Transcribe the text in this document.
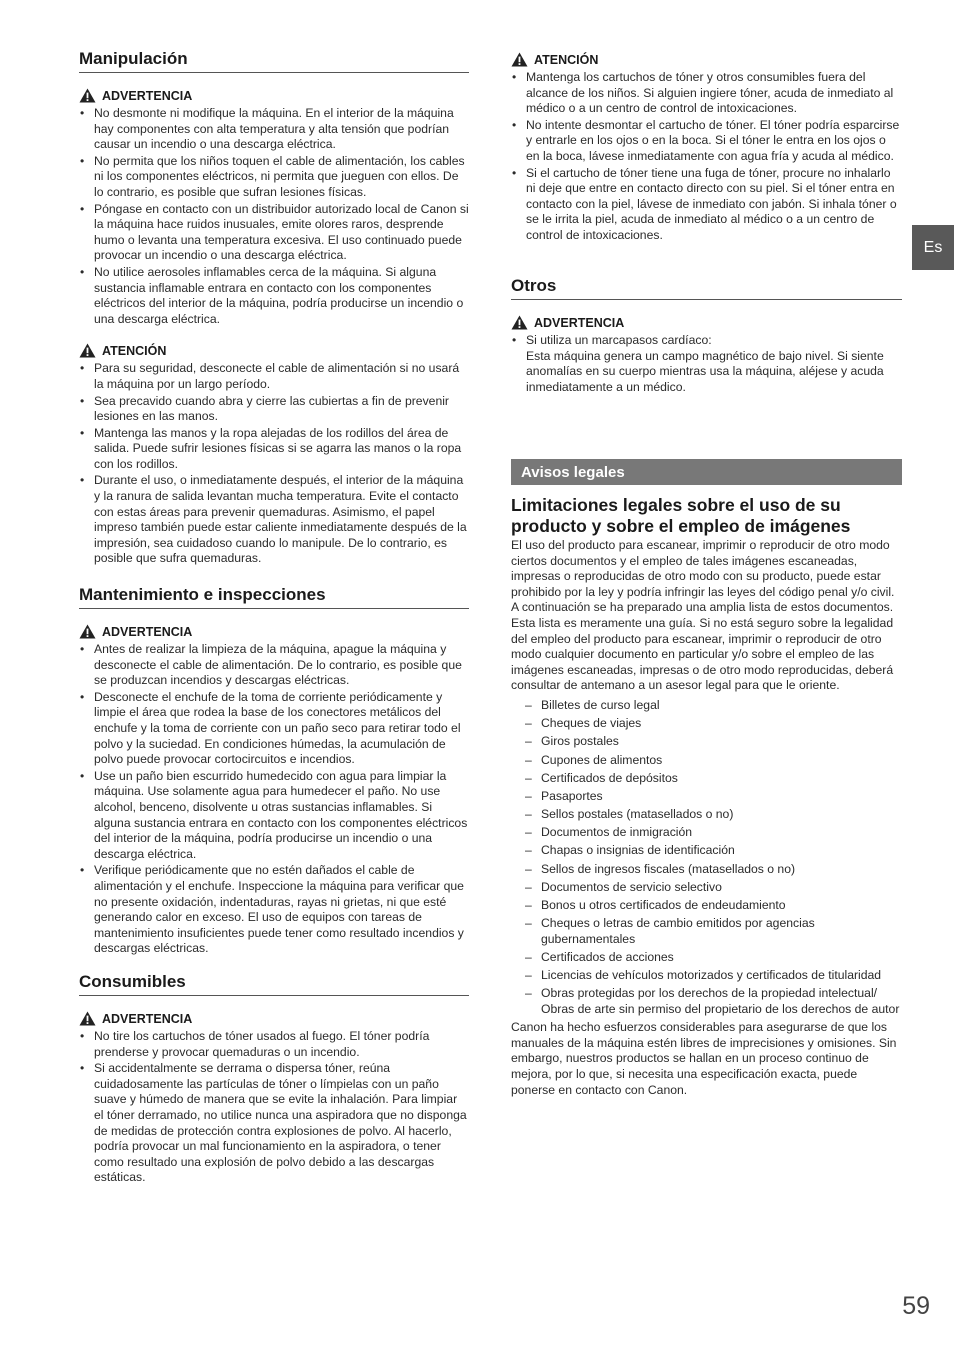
Manipulación
ADVERTENCIA
• No desmonte ni modifique la máquina. En el interior de la máquina hay componentes con alta temperatura y alta tensión que podrían causar un incendio o una descarga eléctrica.
• No permita que los niños toquen el cable de alimentación, los cables ni los componentes eléctricos, ni permita que jueguen con ellos. De lo contrario, es posible que sufran lesiones físicas.
• Póngase en contacto con un distribuidor autorizado local de Canon si la máquina hace ruidos inusuales, emite olores raros, desprende humo o levanta una temperatura excesiva. El uso continuado puede provocar un incendio o una descarga eléctrica.
• No utilice aerosoles inflamables cerca de la máquina. Si alguna sustancia inflamable entrara en contacto con los componentes eléctricos del interior de la máquina, podría producirse un incendio o una descarga eléctrica.
ATENCIÓN
• Para su seguridad, desconecte el cable de alimentación si no usará la máquina por un largo período.
• Sea precavido cuando abra y cierre las cubiertas a fin de prevenir lesiones en las manos.
• Mantenga las manos y la ropa alejadas de los rodillos del área de salida. Puede sufrir lesiones físicas si se agarra las manos o la ropa con los rodillos.
• Durante el uso, o inmediatamente después, el interior de la máquina y la ranura de salida levantan mucha temperatura. Evite el contacto con estas áreas para prevenir quemaduras. Asimismo, el papel impreso también puede estar caliente inmediatamente después de la impresión, sea cuidadoso cuando lo manipule. De lo contrario, es posible que sufra quemaduras.
Mantenimiento e inspecciones
ADVERTENCIA
• Antes de realizar la limpieza de la máquina, apague la máquina y desconecte el cable de alimentación. De lo contrario, es posible que se produzcan incendios y descargas eléctricas.
• Desconecte el enchufe de la toma de corriente periódicamente y limpie el área que rodea la base de los conectores metálicos del enchufe y la toma de corriente con un paño seco para retirar todo el polvo y la suciedad. En condiciones húmedas, la acumulación de polvo puede provocar cortocircuitos e incendios.
• Use un paño bien escurrido humedecido con agua para limpiar la máquina. Use solamente agua para humedecer el paño. No use alcohol, benceno, disolvente u otras sustancias inflamables. Si alguna sustancia entrara en contacto con los componentes eléctricos del interior de la máquina, podría producirse un incendio o una descarga eléctrica.
• Verifique periódicamente que no estén dañados el cable de alimentación y el enchufe. Inspeccione la máquina para verificar que no presente oxidación, indentaduras, rayas ni grietas, ni que esté generando calor en exceso. El uso de equipos con tareas de mantenimiento insuficientes puede tener como resultado incendios y descargas eléctricas.
Consumibles
ADVERTENCIA
• No tire los cartuchos de tóner usados al fuego. El tóner podría prenderse y provocar quemaduras o un incendio.
• Si accidentalmente se derrama o dispersa tóner, reúna cuidadosamente las partículas de tóner o límpielas con un paño suave y húmedo de manera que se evite la inhalación. Para limpiar el tóner derramado, no utilice nunca una aspiradora que no disponga de medidas de protección contra explosiones de polvo. Al hacerlo, podría provocar un mal funcionamiento en la aspiradora, o tener como resultado una explosión de polvo debido a las descargas estáticas.
ATENCIÓN
• Mantenga los cartuchos de tóner y otros consumibles fuera del alcance de los niños. Si alguien ingiere tóner, acuda de inmediato al médico o a un centro de control de intoxicaciones.
• No intente desmontar el cartucho de tóner. El tóner podría esparcirse y entrarle en los ojos o en la boca. Si el tóner le entra en los ojos o en la boca, lávese inmediatamente con agua fría y acuda al médico.
• Si el cartucho de tóner tiene una fuga de tóner, procure no inhalarlo ni deje que entre en contacto directo con su piel. Si el tóner entra en contacto con la piel, lávese de inmediato con jabón. Si inhala tóner o se le irrita la piel, acuda de inmediato al médico o a un centro de control de intoxicaciones.
Otros
ADVERTENCIA
• Si utiliza un marcapasos cardíaco:
Esta máquina genera un campo magnético de bajo nivel. Si siente anomalías en su cuerpo mientras usa la máquina, aléjese y acuda inmediatamente a un médico.
Avisos legales
Limitaciones legales sobre el uso de su producto y sobre el empleo de imágenes

El uso del producto para escanear, imprimir o reproducir de otro modo ciertos documentos y el empleo de tales imágenes escaneadas, impresas o reproducidas de otro modo con su producto, puede estar prohibido por la ley y podría infringir las leyes del código penal y/o civil. A continuación se ha preparado una amplia lista de estos documentos. Esta lista es meramente una guía. Si no está seguro sobre la legalidad del empleo del producto para escanear, imprimir o reproducir de otro modo cualquier documento en particular y/o sobre el empleo de las imágenes escaneadas, impresas o de otro modo reproducidas, deberá consultar de antemano a un asesor legal para que le oriente.

– Billetes de curso legal
– Cheques de viajes
– Giros postales
– Cupones de alimentos
– Certificados de depósitos
– Pasaportes
– Sellos postales (matasellados o no)
– Documentos de inmigración
– Chapas o insignias de identificación
– Sellos de ingresos fiscales (matasellados o no)
– Documentos de servicio selectivo
– Bonos u otros certificados de endeudamiento
– Cheques o letras de cambio emitidos por agencias gubernamentales
– Certificados de acciones
– Licencias de vehículos motorizados y certificados de titularidad
– Obras protegidas por los derechos de la propiedad intelectual/ Obras de arte sin permiso del propietario de los derechos de autor

Canon ha hecho esfuerzos considerables para asegurarse de que los manuales de la máquina estén libres de imprecisiones y omisiones. Sin embargo, nuestros productos se hallan en un proceso continuo de mejora, por lo que, si necesita una especificación exacta, puede ponerse en contacto con Canon.

Es
59
